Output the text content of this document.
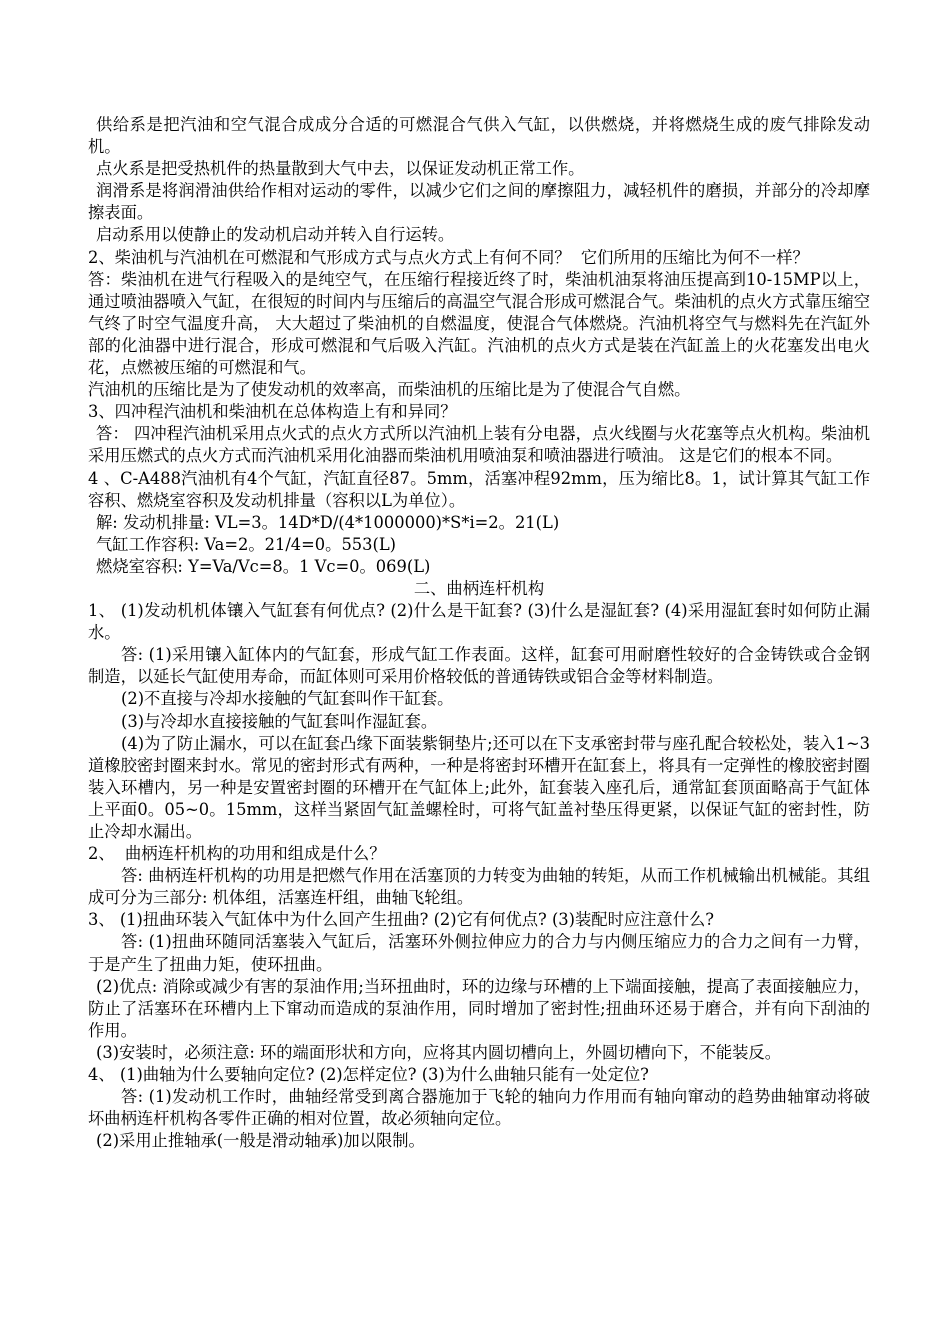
供给系是把汽油和空气混合成成分合适的可燃混合气供入气缸，以供燃烧，并将燃烧生成的废气排除发动机。

点火系是把受热机件的热量散到大气中去，以保证发动机正常工作。

润滑系是将润滑油供给作相对运动的零件，以减少它们之间的摩擦阻力，减轻机件的磨损，并部分的冷却摩擦表面。

启动系用以使静止的发动机启动并转入自行运转。

2、柴油机与汽油机在可燃混和气形成方式与点火方式上有何不同？  它们所用的压缩比为何不一样？

答：柴油机在进气行程吸入的是纯空气，在压缩行程接近终了时，柴油机油泵将油压提高到10-15MP以上，通过喷油器喷入气缸，在很短的时间内与压缩后的高温空气混合形成可燃混合气。柴油机的点火方式靠压缩空气终了时空气温度升高， 大大超过了柴油机的自燃温度，使混合气体燃烧。汽油机将空气与燃料先在汽缸外部的化油器中进行混合，形成可燃混和气后吸入汽缸。汽油机的点火方式是装在汽缸盖上的火花塞发出电火花，点燃被压缩的可燃混和气。

汽油机的压缩比是为了使发动机的效率高，而柴油机的压缩比是为了使混合气自燃。

3、四冲程汽油机和柴油机在总体构造上有和异同？

答： 四冲程汽油机采用点火式的点火方式所以汽油机上装有分电器，点火线圈与火花塞等点火机构。柴油机采用压燃式的点火方式而汽油机采用化油器而柴油机用喷油泵和喷油器进行喷油。 这是它们的根本不同。

4 、C-A488汽油机有4个气缸，汽缸直径87。5mm，活塞冲程92mm，压为缩比8。1，试计算其气缸工作容积、燃烧室容积及发动机排量（容积以L为单位）。

解: 发动机排量: VL=3。14D*D/(4*1000000)*S*i=2。21(L)

气缸工作容积: Va=2。21/4=0。553(L)

燃烧室容积: Y=Va/Vc=8。1 Vc=0。069(L)

二、曲柄连杆机构

1、 (1)发动机机体镶入气缸套有何优点? (2)什么是干缸套? (3)什么是湿缸套? (4)采用湿缸套时如何防止漏水。

答: (1)采用镶入缸体内的气缸套，形成气缸工作表面。这样，缸套可用耐磨性较好的合金铸铁或合金钢制造，以延长气缸使用寿命，而缸体则可采用价格较低的普通铸铁或铝合金等材料制造。

(2)不直接与冷却水接触的气缸套叫作干缸套。

(3)与冷却水直接接触的气缸套叫作湿缸套。

(4)为了防止漏水，可以在缸套凸缘下面装紫铜垫片;还可以在下支承密封带与座孔配合较松处，装入1~3道橡胶密封圈来封水。常见的密封形式有两种，一种是将密封环槽开在缸套上，将具有一定弹性的橡胶密封圈装入环槽内，另一种是安置密封圈的环槽开在气缸体上;此外，缸套装入座孔后，通常缸套顶面略高于气缸体上平面0。05~0。15mm，这样当紧固气缸盖螺栓时，可将气缸盖衬垫压得更紧，以保证气缸的密封性，防止冷却水漏出。

2、  曲柄连杆机构的功用和组成是什么？

答: 曲柄连杆机构的功用是把燃气作用在活塞顶的力转变为曲轴的转矩，从而工作机械输出机械能。其组成可分为三部分: 机体组，活塞连杆组，曲轴飞轮组。

3、 (1)扭曲环装入气缸体中为什么回产生扭曲? (2)它有何优点? (3)装配时应注意什么?

答: (1)扭曲环随同活塞装入气缸后，活塞环外侧拉伸应力的合力与内侧压缩应力的合力之间有一力臂，于是产生了扭曲力矩，使环扭曲。

(2)优点: 消除或减少有害的泵油作用;当环扭曲时，环的边缘与环槽的上下端面接触，提高了表面接触应力，防止了活塞环在环槽内上下窜动而造成的泵油作用，同时增加了密封性;扭曲环还易于磨合，并有向下刮油的作用。

(3)安装时，必须注意: 环的端面形状和方向，应将其内圆切槽向上，外圆切槽向下，不能装反。

4、 (1)曲轴为什么要轴向定位? (2)怎样定位? (3)为什么曲轴只能有一处定位?

答: (1)发动机工作时，曲轴经常受到离合器施加于飞轮的轴向力作用而有轴向窜动的趋势曲轴窜动将破坏曲柄连杆机构各零件正确的相对位置，故必须轴向定位。

(2)采用止推轴承(一般是滑动轴承)加以限制。
